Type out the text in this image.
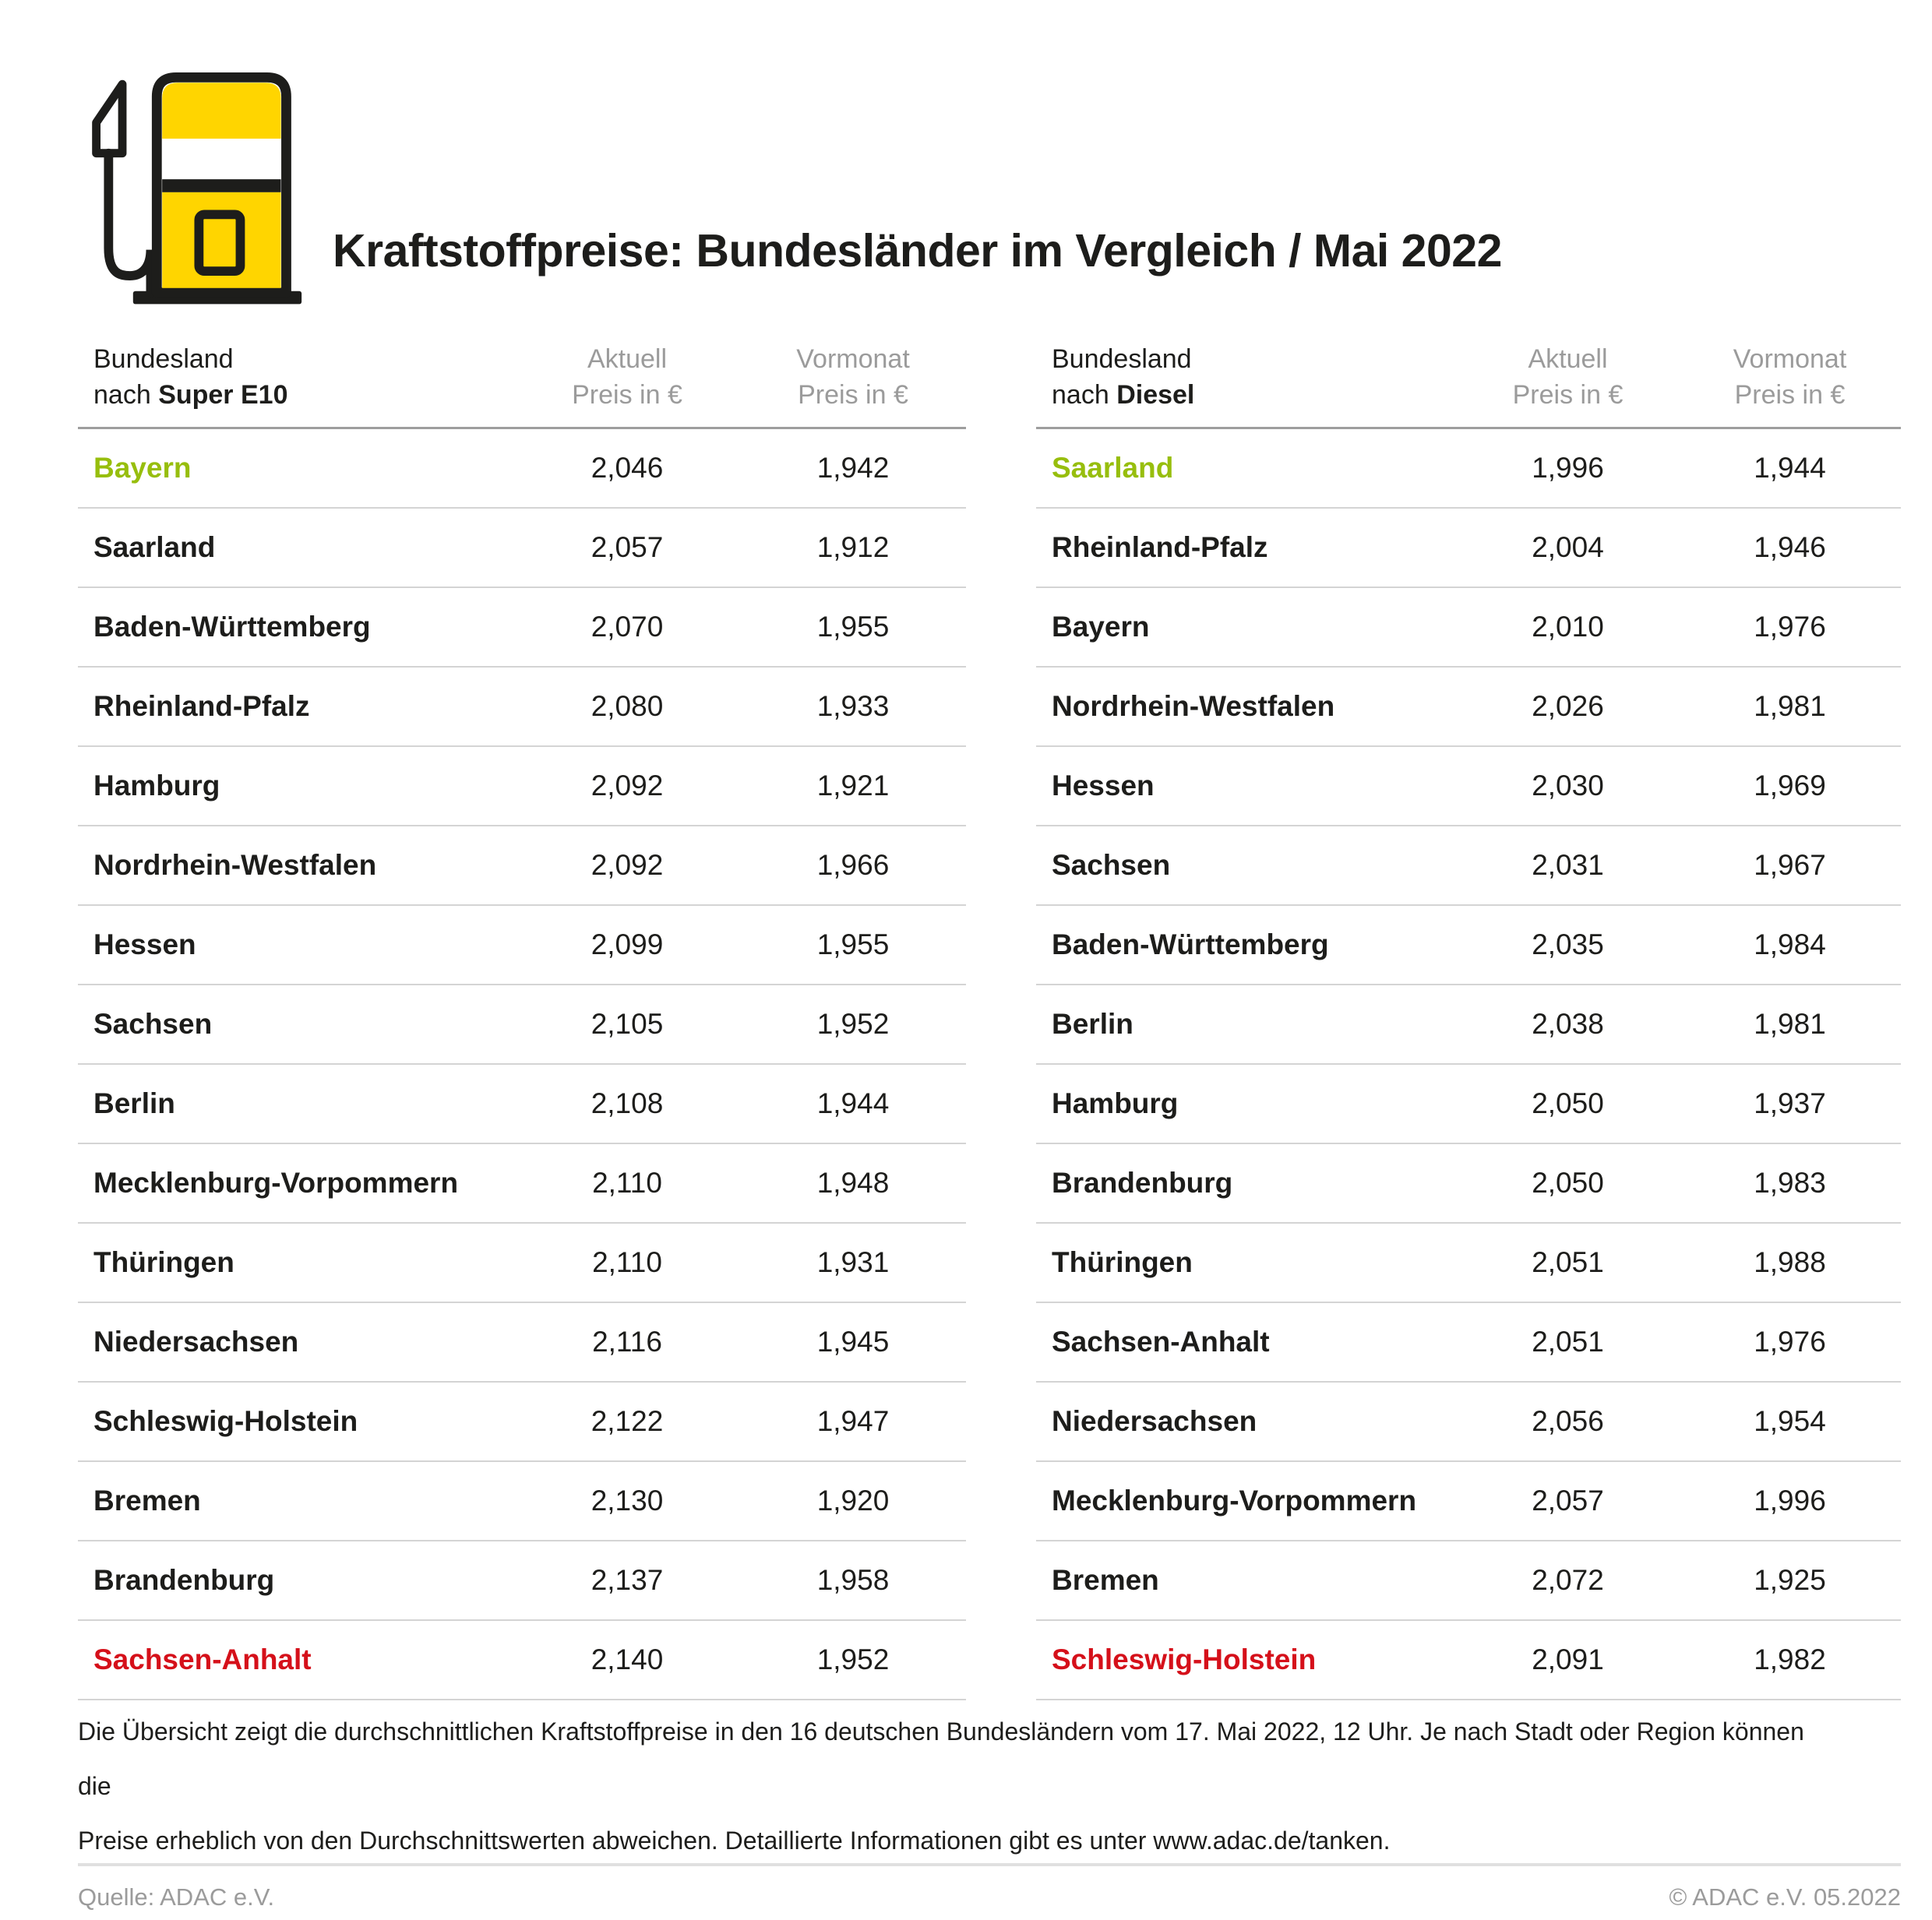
Kraftstoffpreise: Bundesländer im Vergleich / Mai 2022
Bundesland
nach Super E10
Aktuell
Preis in €
Vormonat
Preis in €
Bayern	2,046	1,942
Saarland	2,057	1,912
Baden-Württemberg	2,070	1,955
Rheinland-Pfalz	2,080	1,933
Hamburg	2,092	1,921
Nordrhein-Westfalen	2,092	1,966
Hessen	2,099	1,955
Sachsen	2,105	1,952
Berlin	2,108	1,944
Mecklenburg-Vorpommern	2,110	1,948
Thüringen	2,110	1,931
Niedersachsen	2,116	1,945
Schleswig-Holstein	2,122	1,947
Bremen	2,130	1,920
Brandenburg	2,137	1,958
Sachsen-Anhalt	2,140	1,952
Bundesland
nach Diesel
Aktuell
Preis in €
Vormonat
Preis in €
Saarland	1,996	1,944
Rheinland-Pfalz	2,004	1,946
Bayern	2,010	1,976
Nordrhein-Westfalen	2,026	1,981
Hessen	2,030	1,969
Sachsen	2,031	1,967
Baden-Württemberg	2,035	1,984
Berlin	2,038	1,981
Hamburg	2,050	1,937
Brandenburg	2,050	1,983
Thüringen	2,051	1,988
Sachsen-Anhalt	2,051	1,976
Niedersachsen	2,056	1,954
Mecklenburg-Vorpommern	2,057	1,996
Bremen	2,072	1,925
Schleswig-Holstein	2,091	1,982
Die Übersicht zeigt die durchschnittlichen Kraftstoffpreise in den 16 deutschen Bundesländern vom 17. Mai 2022, 12 Uhr. Je nach Stadt oder Region können die
Preise erheblich von den Durchschnittswerten abweichen. Detaillierte Informationen gibt es unter www.adac.de/tanken.
Quelle: ADAC e.V.	© ADAC e.V. 05.2022
